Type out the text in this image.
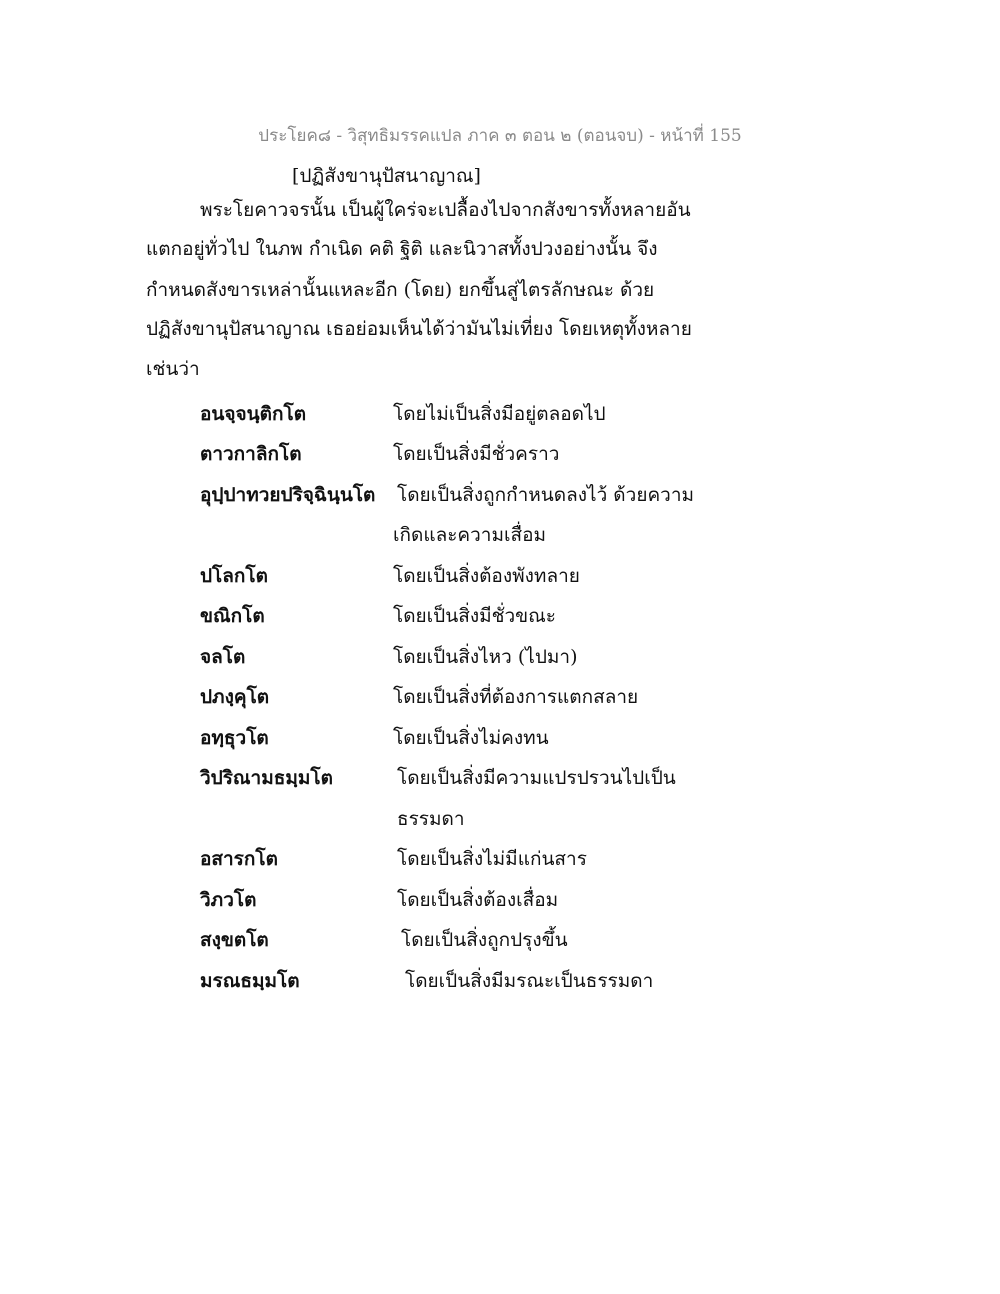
ประโยค๘ - วิสุทธิมรรคแปล ภาค ๓ ตอน ๒ (ตอนจบ) - หน้าที่ 155
[ปฏิสังขานุปัสนาญาณ]
พระโยคาวจรนั้น เป็นผู้ใคร่จะเปลื้องไปจากสังขารทั้งหลายอัน
แตกอยู่ทั่วไป ในภพ กำเนิด คติ ฐิติ และนิวาสทั้งปวงอย่างนั้น จึง
กำหนดสังขารเหล่านั้นแหละอีก (โดย) ยกขึ้นสู่ไตรลักษณะ ด้วย
ปฏิสังขานุปัสนาญาณ เธอย่อมเห็นได้ว่ามันไม่เที่ยง โดยเหตุทั้งหลาย
เช่นว่า
อนจฺจนฺติกโต	โดยไม่เป็นสิ่งมีอยู่ตลอดไป
ตาวกาลิกโต	โดยเป็นสิ่งมีชั่วคราว
อุปฺปาทวยปริจฺฉินฺนโต โดยเป็นสิ่งถูกกำหนดลงไว้ ด้วยความ
เกิดและความเสื่อม
ปโลกโต	โดยเป็นสิ่งต้องพังทลาย
ขณิกโต	โดยเป็นสิ่งมีชั่วขณะ
จลโต	โดยเป็นสิ่งไหว (ไปมา)
ปภงฺคุโต	โดยเป็นสิ่งที่ต้องการแตกสลาย
อทฺธุวโต	โดยเป็นสิ่งไม่คงทน
วิปริณามธมฺมโต	โดยเป็นสิ่งมีความแปรปรวนไปเป็น
ธรรมดา
อสารกโต	โดยเป็นสิ่งไม่มีแก่นสาร
วิภวโต	โดยเป็นสิ่งต้องเสื่อม
สงฺขตโต	โดยเป็นสิ่งถูกปรุงขึ้น
มรณธมฺมโต	โดยเป็นสิ่งมีมรณะเป็นธรรมดา
